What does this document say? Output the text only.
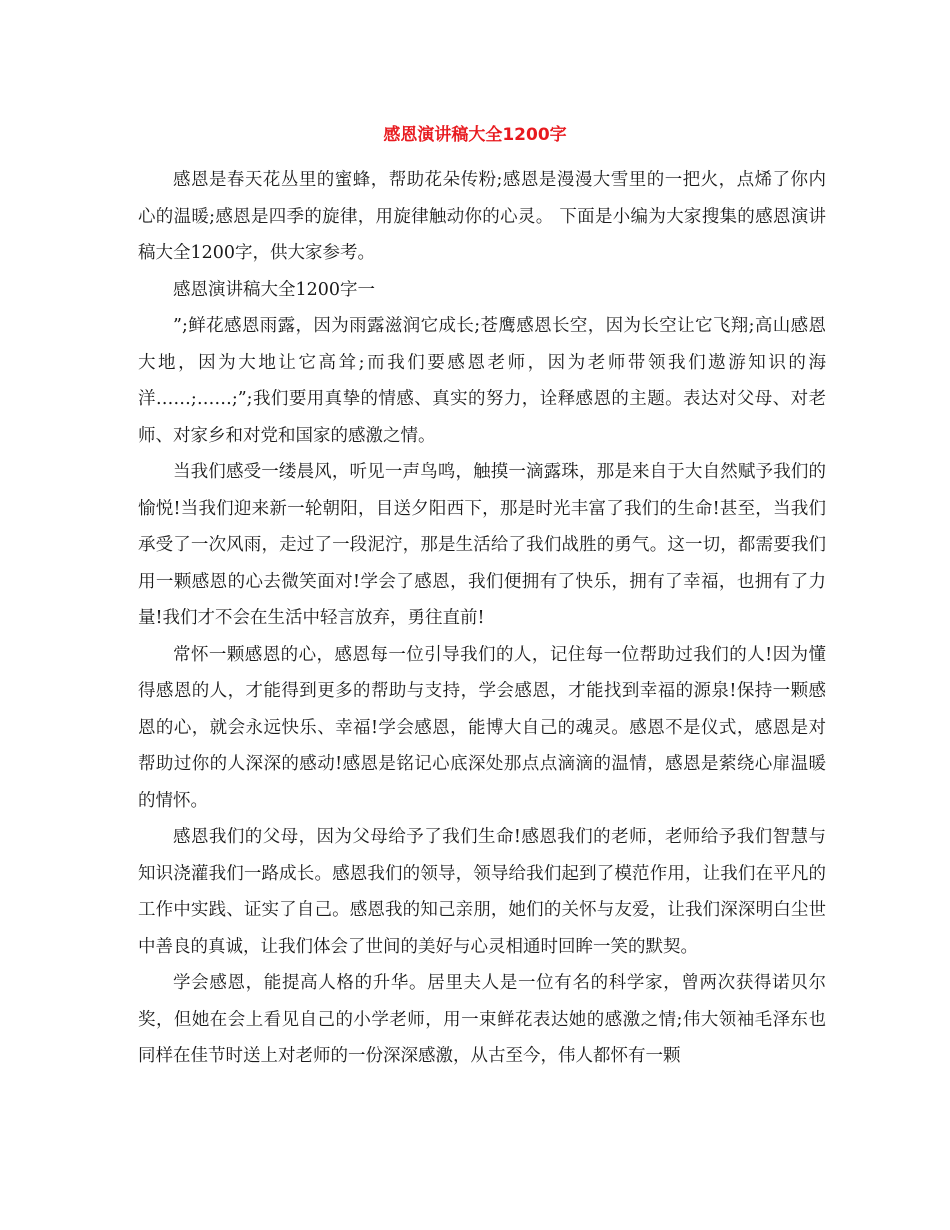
感恩演讲稿大全1200字

感恩是春天花丛里的蜜蜂，帮助花朵传粉;感恩是漫漫大雪里的一把火，点烯了你内心的温暖;感恩是四季的旋律，用旋律触动你的心灵。 下面是小编为大家搜集的感恩演讲稿大全1200字，供大家参考。

感恩演讲稿大全1200字一

”;鲜花感恩雨露，因为雨露滋润它成长;苍鹰感恩长空，因为长空让它飞翔;高山感恩大地，因为大地让它高耸;而我们要感恩老师，因为老师带领我们遨游知识的海洋……;……;”;我们要用真挚的情感、真实的努力，诠释感恩的主题。表达对父母、对老师、对家乡和对党和国家的感激之情。

当我们感受一缕晨风，听见一声鸟鸣，触摸一滴露珠，那是来自于大自然赋予我们的愉悦!当我们迎来新一轮朝阳，目送夕阳西下，那是时光丰富了我们的生命!甚至，当我们承受了一次风雨，走过了一段泥泞，那是生活给了我们战胜的勇气。这一切，都需要我们用一颗感恩的心去微笑面对!学会了感恩，我们便拥有了快乐，拥有了幸福，也拥有了力量!我们才不会在生活中轻言放弃，勇往直前!

常怀一颗感恩的心，感恩每一位引导我们的人，记住每一位帮助过我们的人!因为懂得感恩的人，才能得到更多的帮助与支持，学会感恩，才能找到幸福的源泉!保持一颗感恩的心，就会永远快乐、幸福!学会感恩，能博大自己的魂灵。感恩不是仪式，感恩是对帮助过你的人深深的感动!感恩是铭记心底深处那点点滴滴的温情，感恩是萦绕心扉温暖的情怀。

感恩我们的父母，因为父母给予了我们生命!感恩我们的老师，老师给予我们智慧与知识浇灌我们一路成长。感恩我们的领导，领导给我们起到了模范作用，让我们在平凡的工作中实践、证实了自己。感恩我的知己亲朋，她们的关怀与友爱，让我们深深明白尘世中善良的真诚，让我们体会了世间的美好与心灵相通时回眸一笑的默契。

学会感恩，能提高人格的升华。居里夫人是一位有名的科学家，曾两次获得诺贝尔奖，但她在会上看见自己的小学老师，用一束鲜花表达她的感激之情;伟大领袖毛泽东也同样在佳节时送上对老师的一份深深感激，从古至今，伟人都怀有一颗
